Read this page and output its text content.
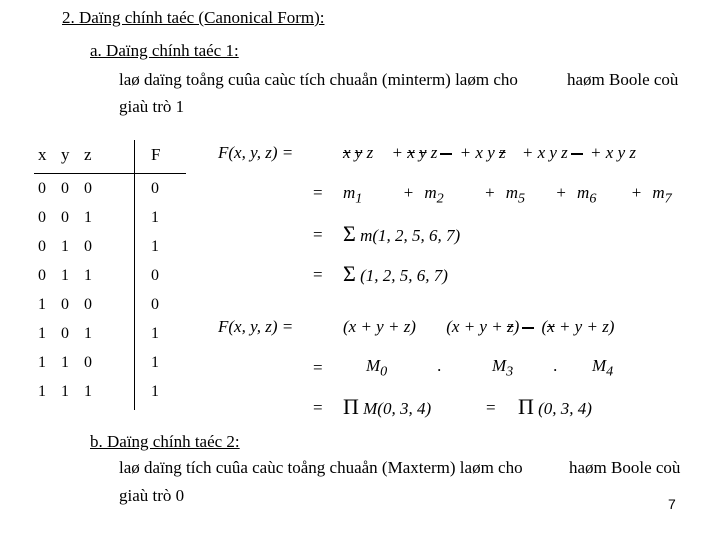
2. Daïng chính taéc (Canonical Form):
a. Daïng chính taéc 1:
laø daïng toång cuûa caùc tích chuaån (minterm) laøm cho	haøm Boole coù
giaù trò 1
x y z	F
0 0 0	0
0 0 1	1
0 1 0	1
0 1 1	0
1 0 0	0
1 0 1	1
1 1 0	1
1 1 1	1
F(x, y, z) =	x y z + x y z + x y z + x y z + x y z
= $m_1 + m_2 + m_5 + m_6 + m_7$
= Σ m(1, 2, 5, 6, 7)
= Σ (1, 2, 5, 6, 7)
F(x, y, z) =	(x + y + z) (x + y + z) (x + y + z)
=	$M_0$	.	$M_3$ . $M_4$
= Π M(0, 3, 4)	= Π (0, 3, 4)
b. Daïng chính taéc 2:
laø daïng tích cuûa caùc toång chuaån (Maxterm) laøm cho	haøm Boole coù
giaù trò 0	7
